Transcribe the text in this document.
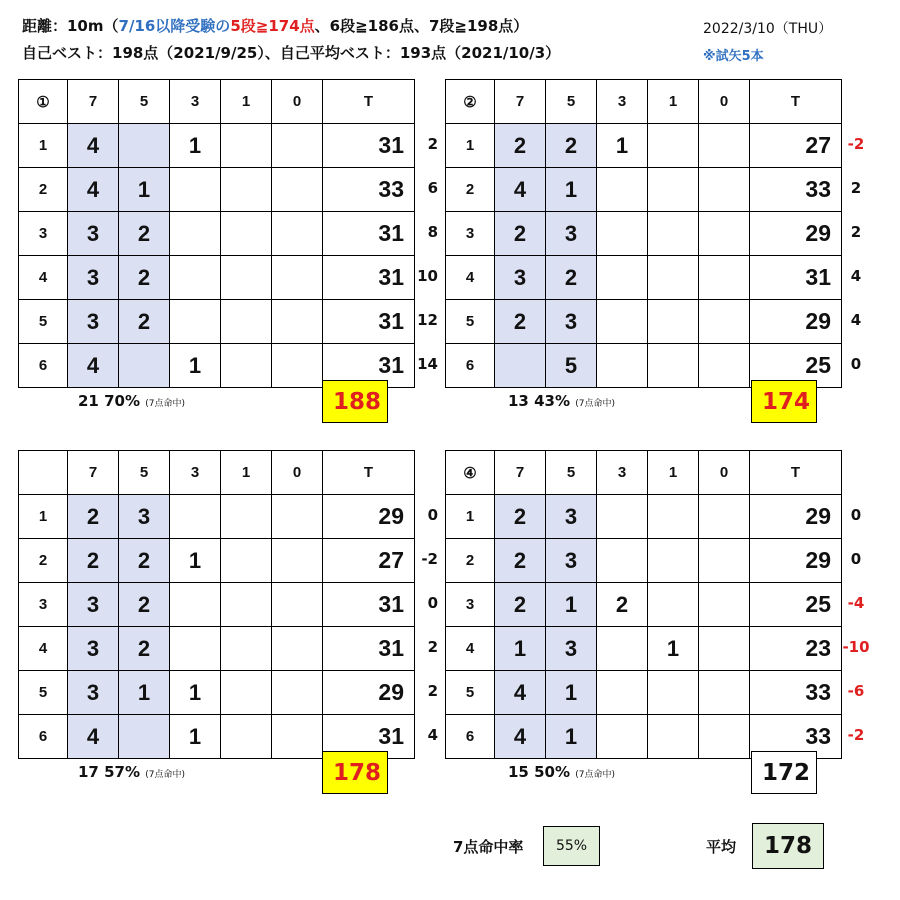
距離：10m（7/16以降受験の5段≧174点、6段≧186点、7段≧198点）
自己ベスト：198点（2021/9/25）、自己平均ベスト：193点（2021/10/3）
2022/3/10（THU）
※試矢5本
2
6
8
10
12
14
①	7	5	3	1	0	T
1	4		1			31
2	4	1				33
3	3	2				31
4	3	2				31
5	3	2				31
6	4		1			31
21 70% (7点命中)	188
-2
2
2
4
4
0
②	7	5	3	1	0	T
1	2	2	1			27
2	4	1				33
3	2	3				29
4	3	2				31
5	2	3				29
6		5				25
13 43% (7点命中)	174
0
-2
0
2
2
4
	7	5	3	1	0	T
1	2	3				29
2	2	2	1			27
3	3	2				31
4	3	2				31
5	3	1	1			29
6	4		1			31
17 57% (7点命中)	178
0
0
-4
-10
-6
-2
④	7	5	3	1	0	T
1	2	3				29
2	2	3				29
3	2	1	2			25
4	1	3		1		23
5	4	1				33
6	4	1				33
15 50% (7点命中)	172
7点命中率	55%	平均	178
